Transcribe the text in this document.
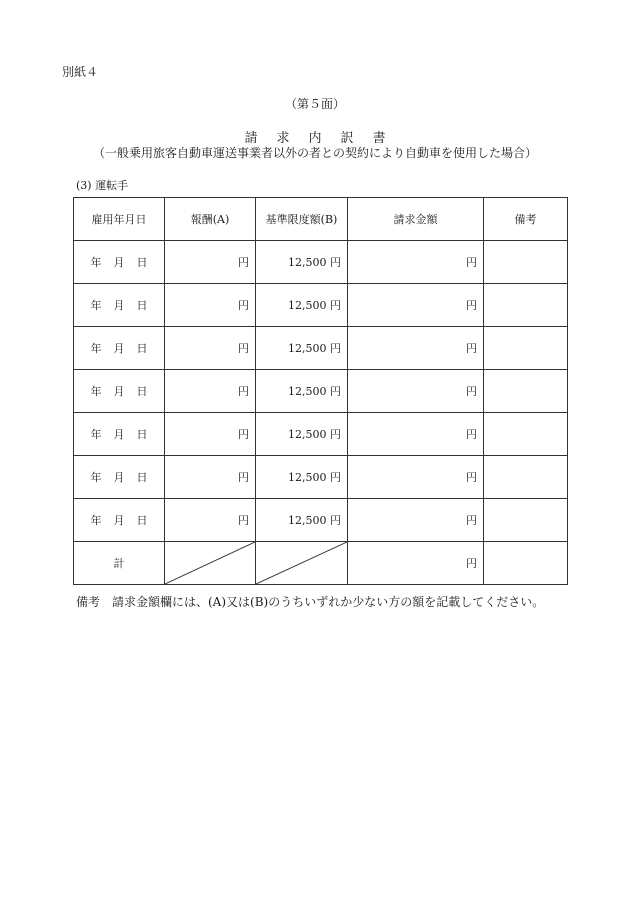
別紙４
（第５面）
請求内訳書
（一般乗用旅客自動車運送事業者以外の者との契約により自動車を使用した場合）
(3) 運転手
雇用年月日	報酬(A)	基準限度額(B)	請求金額	備考
年 月 日	円	12,500 円	円	
年 月 日	円	12,500 円	円	
年 月 日	円	12,500 円	円	
年 月 日	円	12,500 円	円	
年 月 日	円	12,500 円	円	
年 月 日	円	12,500 円	円	
年 月 日	円	12,500 円	円	
計			円	
備考　請求金額欄には、(A)又は(B)のうちいずれか少ない方の額を記載してください。
